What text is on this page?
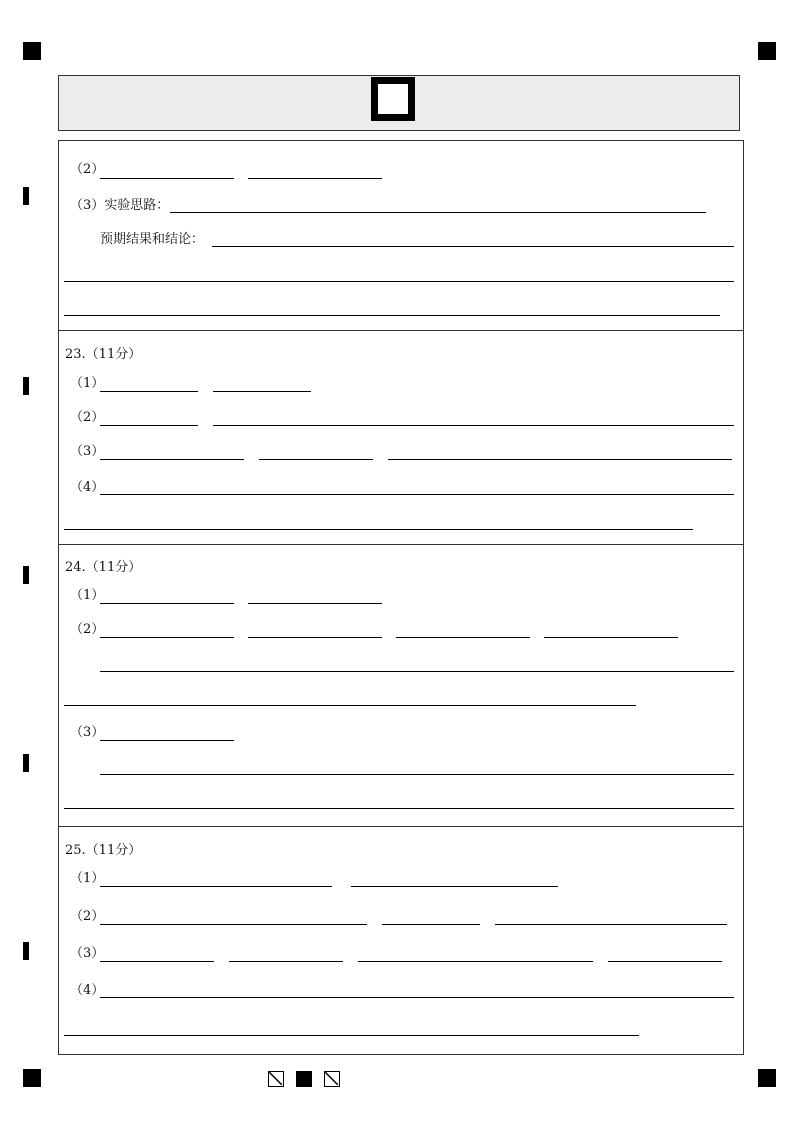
（2）
（3）实验思路：
预期结果和结论：
23.（11分）
（1）
（2）
（3）
（4）
24.（11分）
（1）
（2）
（3）
25.（11分）
（1）
（2）
（3）
（4）
